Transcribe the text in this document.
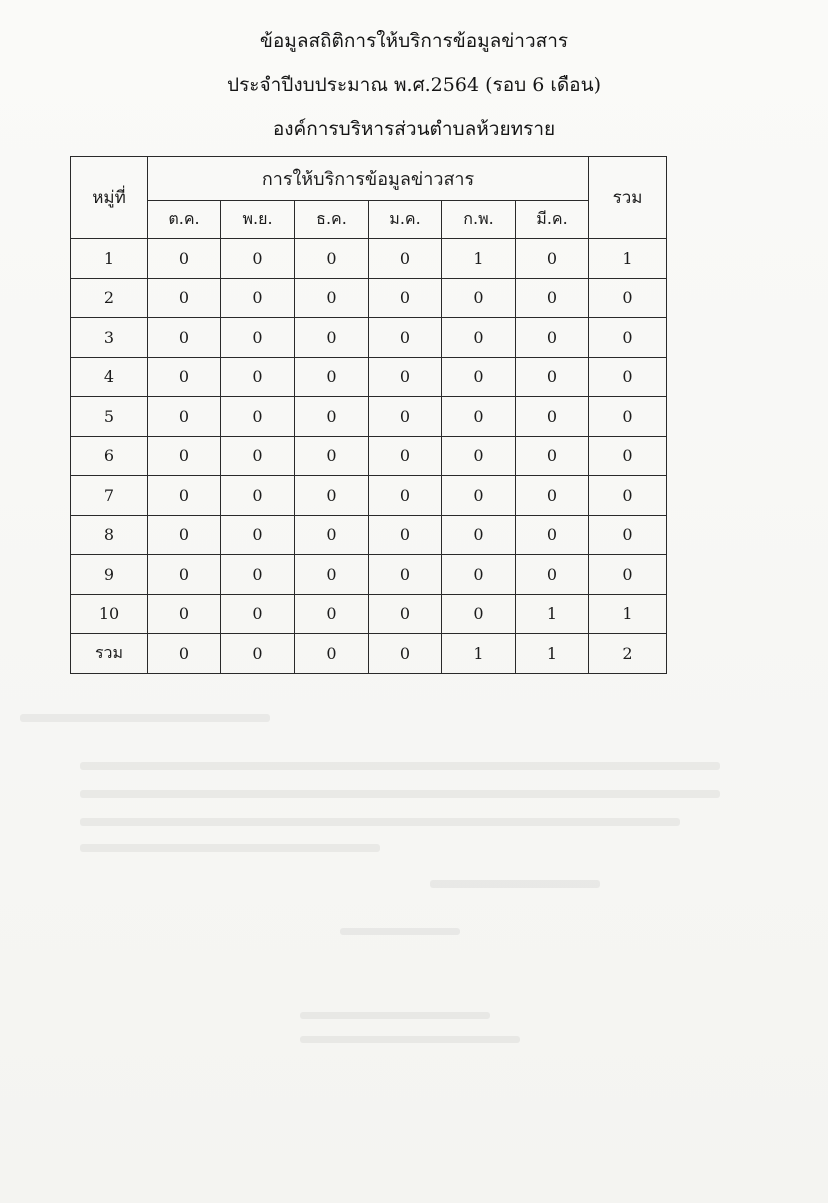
ข้อมูลสถิติการให้บริการข้อมูลข่าวสาร
ประจำปีงบประมาณ พ.ศ.2564 (รอบ 6 เดือน)
องค์การบริหารส่วนตำบลห้วยทราย
หมู่ที่	การให้บริการข้อมูลข่าวสาร						รวม
	ต.ค.	พ.ย.	ธ.ค.	ม.ค.	ก.พ.	มี.ค.	
1	0	0	0	0	1	0	1
2	0	0	0	0	0	0	0
3	0	0	0	0	0	0	0
4	0	0	0	0	0	0	0
5	0	0	0	0	0	0	0
6	0	0	0	0	0	0	0
7	0	0	0	0	0	0	0
8	0	0	0	0	0	0	0
9	0	0	0	0	0	0	0
10	0	0	0	0	0	1	1
รวม	0	0	0	0	1	1	2
